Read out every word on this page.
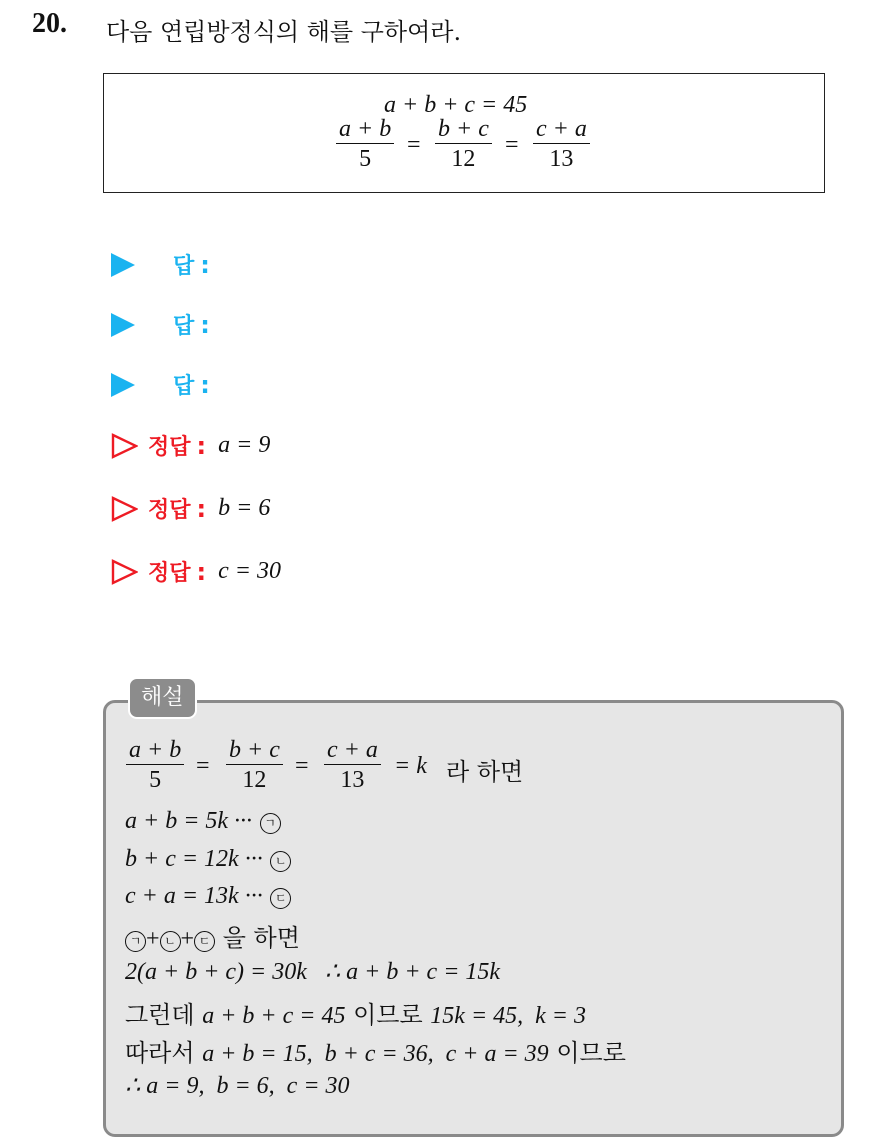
20. 다음 연립방정식의 해를 구하여라.
a + b + c = 45
$\frac{a + b}{5} = \frac{b + c}{12} = \frac{c + a}{13}$
답 :
답 :
답 :
정답 : a = 9
정답 : b = 6
정답 : c = 30
해설
$\frac{a + b}{5} = \frac{b + c}{12} = \frac{c + a}{13} = k$ 라 하면
a + b = 5k ··· ㄱ
b + c = 12k ··· ㄴ
c + a = 13k ··· ㄷ
ㄱ + ㄴ + ㄷ 을 하면
2(a + b + c) = 30k   ∴ a + b + c = 15k
그런데 a + b + c = 45 이므로 15k = 45,  k = 3
따라서 a + b = 15,  b + c = 36,  c + a = 39 이므로
∴ a = 9,  b = 6,  c = 30
